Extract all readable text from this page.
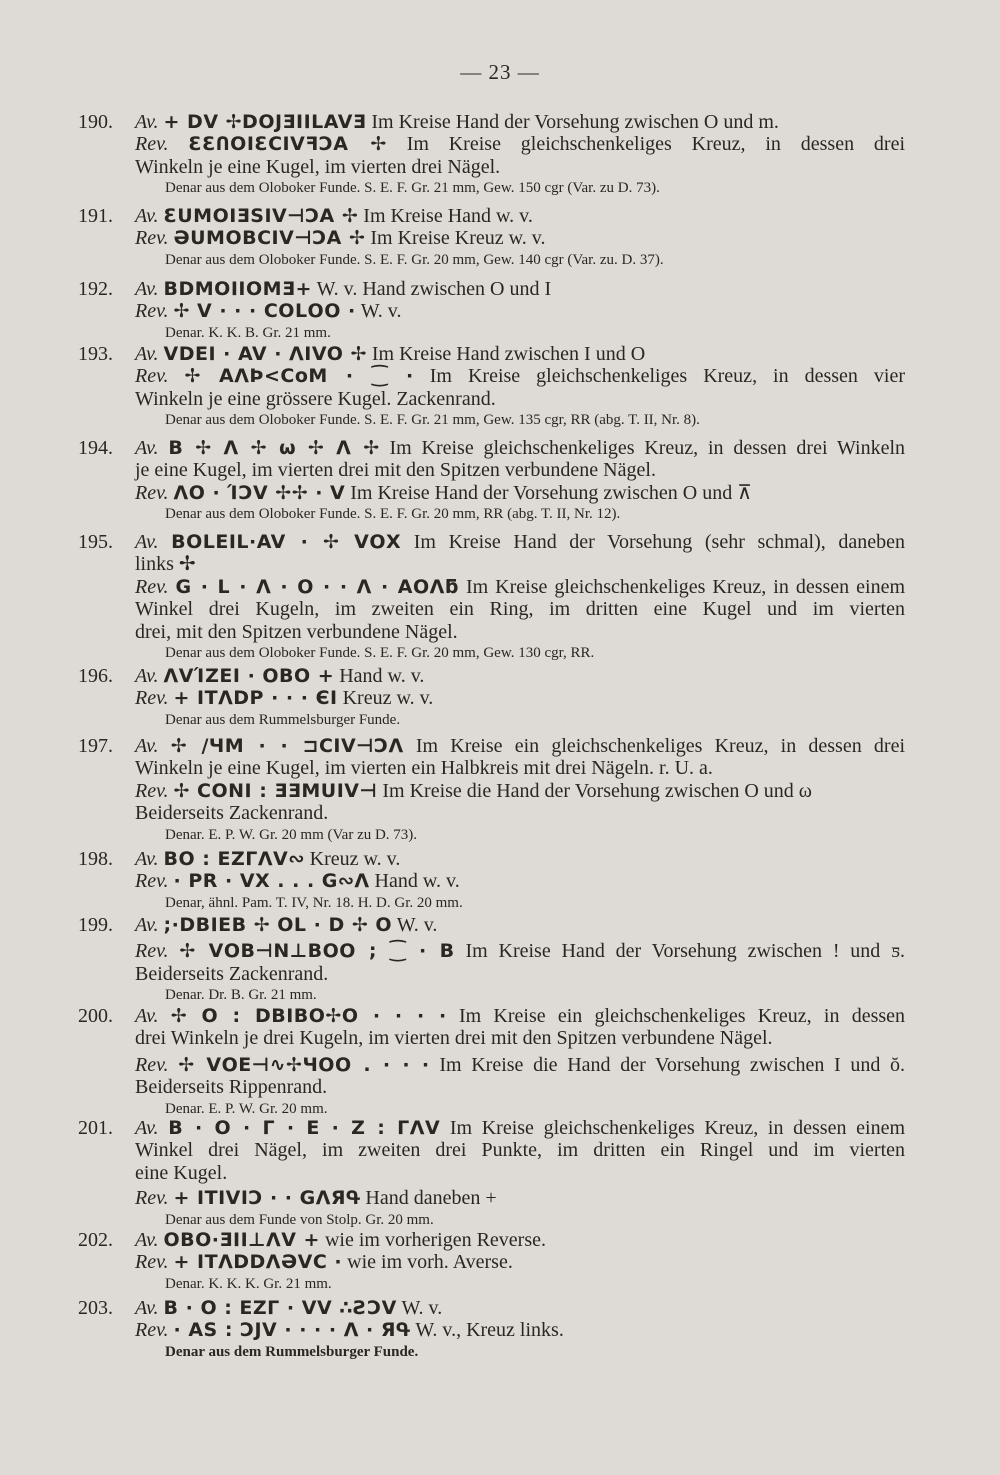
— 23 —
190. Av. + DV ✢DOJƎIΙLAVƎ Im Kreise Hand der Vorsehung zwischen O und m.
Rev. ƐƐՈOIƐCIVꟻƆA ✢ Im Kreise gleichschenkeliges Kreuz, in dessen drei
Winkeln je eine Kugel, im vierten drei Nägel.
Denar aus dem Oloboker Funde. S. E. F. Gr. 21 mm, Gew. 150 cgr (Var. zu D. 73).
191. Av. ƐUMOIƎSIV⊣ƆA ✢ Im Kreise Hand w. v.
Rev. ƏUMOBCIV⊣ƆA ✢ Im Kreise Kreuz w. v.
Denar aus dem Oloboker Funde. S. E. F. Gr. 20 mm, Gew. 140 cgr (Var. zu. D. 37).
192. Av. BDMOΙIOMƎ+ W. v. Hand zwischen O und I
Rev. ✢ V · · · COLΟΟ · W. v.
Denar. K. K. B. Gr. 21 mm.
193. Av. VDEΙ · AV · ΛIVO ✢ Im Kreise Hand zwischen I und O
Rev. ✢ AΛÞ<CoM · ⁐ · Im Kreise gleichschenkeliges Kreuz, in dessen vier
Winkeln je eine grössere Kugel. Zackenrand.
Denar aus dem Oloboker Funde. S. E. F. Gr. 21 mm, Gew. 135 cgr, RR (abg. T. II, Nr. 8).
194. Av. B ✢ Λ ✢ ⍵ ✢ Λ ✢ Im Kreise gleichschenkeliges Kreuz, in dessen drei Winkeln
je eine Kugel, im vierten drei mit den Spitzen verbundene Nägel.
Rev. ΛO · ΊƆV ✢✢ · V Im Kreise Hand der Vorsehung zwischen O und ⊼
Denar aus dem Oloboker Funde. S. E. F. Gr. 20 mm, RR (abg. T. II, Nr. 12).
195. Av. BOLEΙL·AV · ✢ VΟX Im Kreise Hand der Vorsehung (sehr schmal), daneben
links ✢
Rev. G · L · Λ · Ο · · Λ · AΟΛƃ Im Kreise gleichschenkeliges Kreuz, in dessen einem
Winkel drei Kugeln, im zweiten ein Ring, im dritten eine Kugel und im vierten
drei, mit den Spitzen verbundene Nägel.
Denar aus dem Oloboker Funde. S. E. F. Gr. 20 mm, Gew. 130 cgr, RR.
196. Av. ΛVΊZEI · ΟBO + Hand w. v.
Rev. + ITΛDP · · · ЄI Kreuz w. v.
Denar aus dem Rummelsburger Funde.
197. Av. ✢ /ЧM · · ⊐CIV⊣ƆΛ Im Kreise ein gleichschenkeliges Kreuz, in dessen drei
Winkeln je eine Kugel, im vierten ein Halbkreis mit drei Nägeln. r. U. a.
Rev. ✢ CONΙ : ƎƎMUIV⊣ Im Kreise die Hand der Vorsehung zwischen O und ω
Beiderseits Zackenrand.
Denar. E. P. W. Gr. 20 mm (Var zu D. 73).
198. Av. BO : EZΓΛV∾ Kreuz w. v.
Rev. · PR · VX . . . G∾Λ Hand w. v.
Denar, ähnl. Pam. T. IV, Nr. 18. H. D. Gr. 20 mm.
199. Av. ;·DBΙEB ✢ OⅬ · D ✢ O W. v.
Rev. ✢ VΟB⊣N⊥ΒΟΟ ; ⁐ · B Im Kreise Hand der Vorsehung zwischen ǃ und ƽ.
Beiderseits Zackenrand.
Denar. Dr. B. Gr. 21 mm.
200. Av. ✢ O : DBΙBO✢O · · · · Im Kreise ein gleichschenkeliges Kreuz, in dessen
drei Winkeln je drei Kugeln, im vierten drei mit den Spitzen verbundene Nägel.
Rev. ✢ VΟE⊣∿✢ЧΟΟ . · · · Im Kreise die Hand der Vorsehung zwischen I und ŏ.
Beiderseits Rippenrand.
Denar. E. P. W. Gr. 20 mm.
201. Av. B · O · Γ · E · Z : ΓΛV Im Kreise gleichschenkeliges Kreuz, in dessen einem
Winkel drei Nägel, im zweiten drei Punkte, im dritten ein Ringel und im vierten
eine Kugel.
Rev. + ITIVIƆ · · GΛЯԳ Hand daneben +
Denar aus dem Funde von Stolp. Gr. 20 mm.
202. Av. OBO·ƎΙΙ⊥ΛV + wie im vorherigen Reverse.
Rev. + ITΛDDΛƏVC · wie im vorh. Averse.
Denar. K. K. K. Gr. 21 mm.
203. Av. B · O : EZΓ · VV ∴ƧƆV W. v.
Rev. · AS : ƆJV · · · · Λ · ЯԳ W. v., Kreuz links.
Denar aus dem Rummelsburger Funde.
